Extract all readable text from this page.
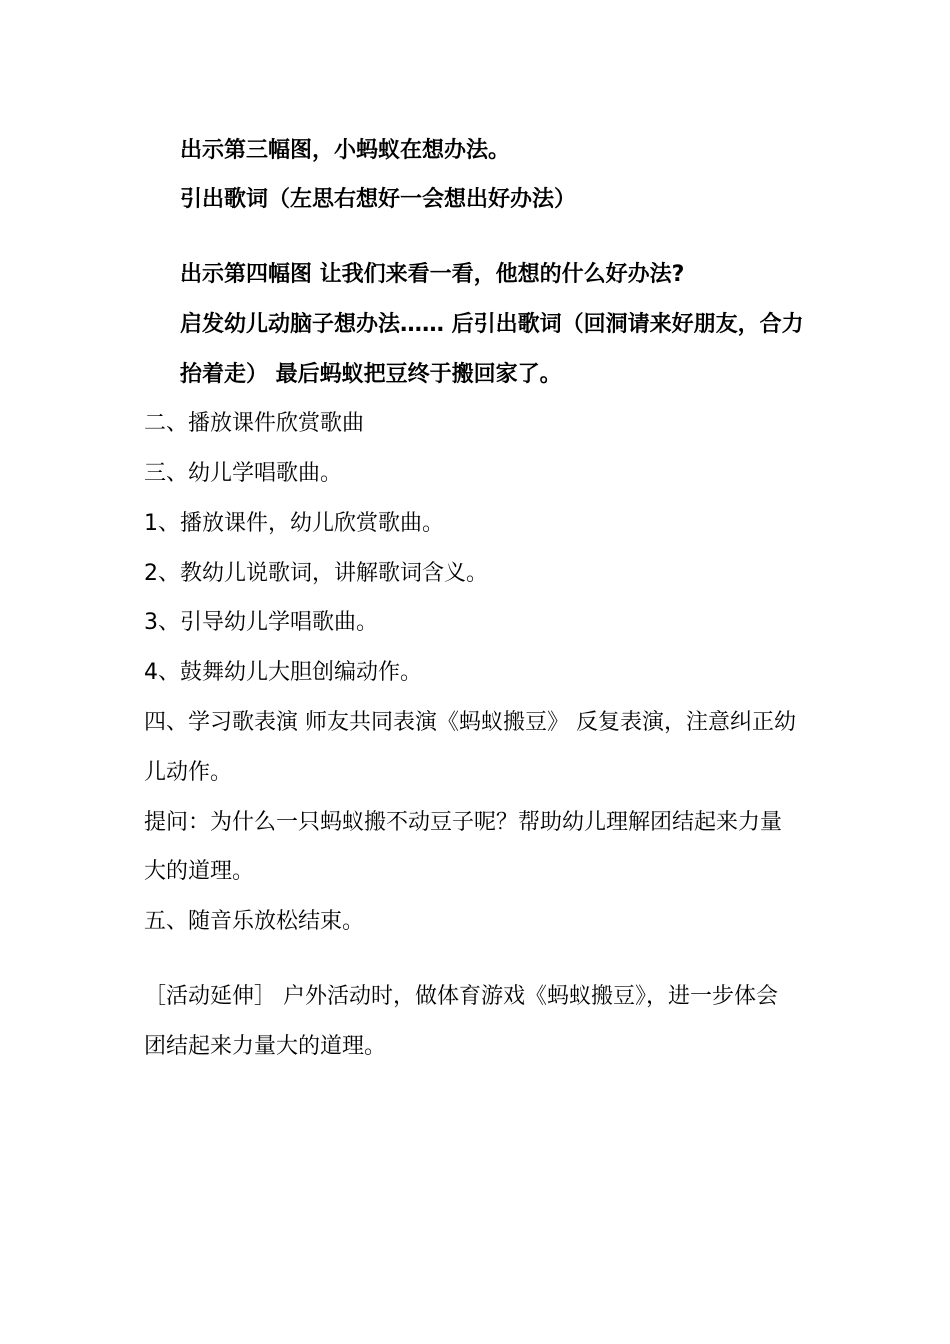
出示第三幅图，小蚂蚁在想办法。
引出歌词（左思右想好一会想出好办法）
出示第四幅图 让我们来看一看，他想的什么好办法?
启发幼儿动脑子想办法…… 后引出歌词（回洞请来好朋友，合力
抬着走） 最后蚂蚁把豆终于搬回家了。
二、播放课件欣赏歌曲
三、幼儿学唱歌曲。
1、播放课件，幼儿欣赏歌曲。
2、教幼儿说歌词，讲解歌词含义。
3、引导幼儿学唱歌曲。
4、鼓舞幼儿大胆创编动作。
四、学习歌表演 师友共同表演《蚂蚁搬豆》 反复表演，注意纠正幼
儿动作。
提问：为什么一只蚂蚁搬不动豆子呢？帮助幼儿理解团结起来力量
大的道理。
五、随音乐放松结束。
［活动延伸］ 户外活动时，做体育游戏《蚂蚁搬豆》，进一步体会
团结起来力量大的道理。
